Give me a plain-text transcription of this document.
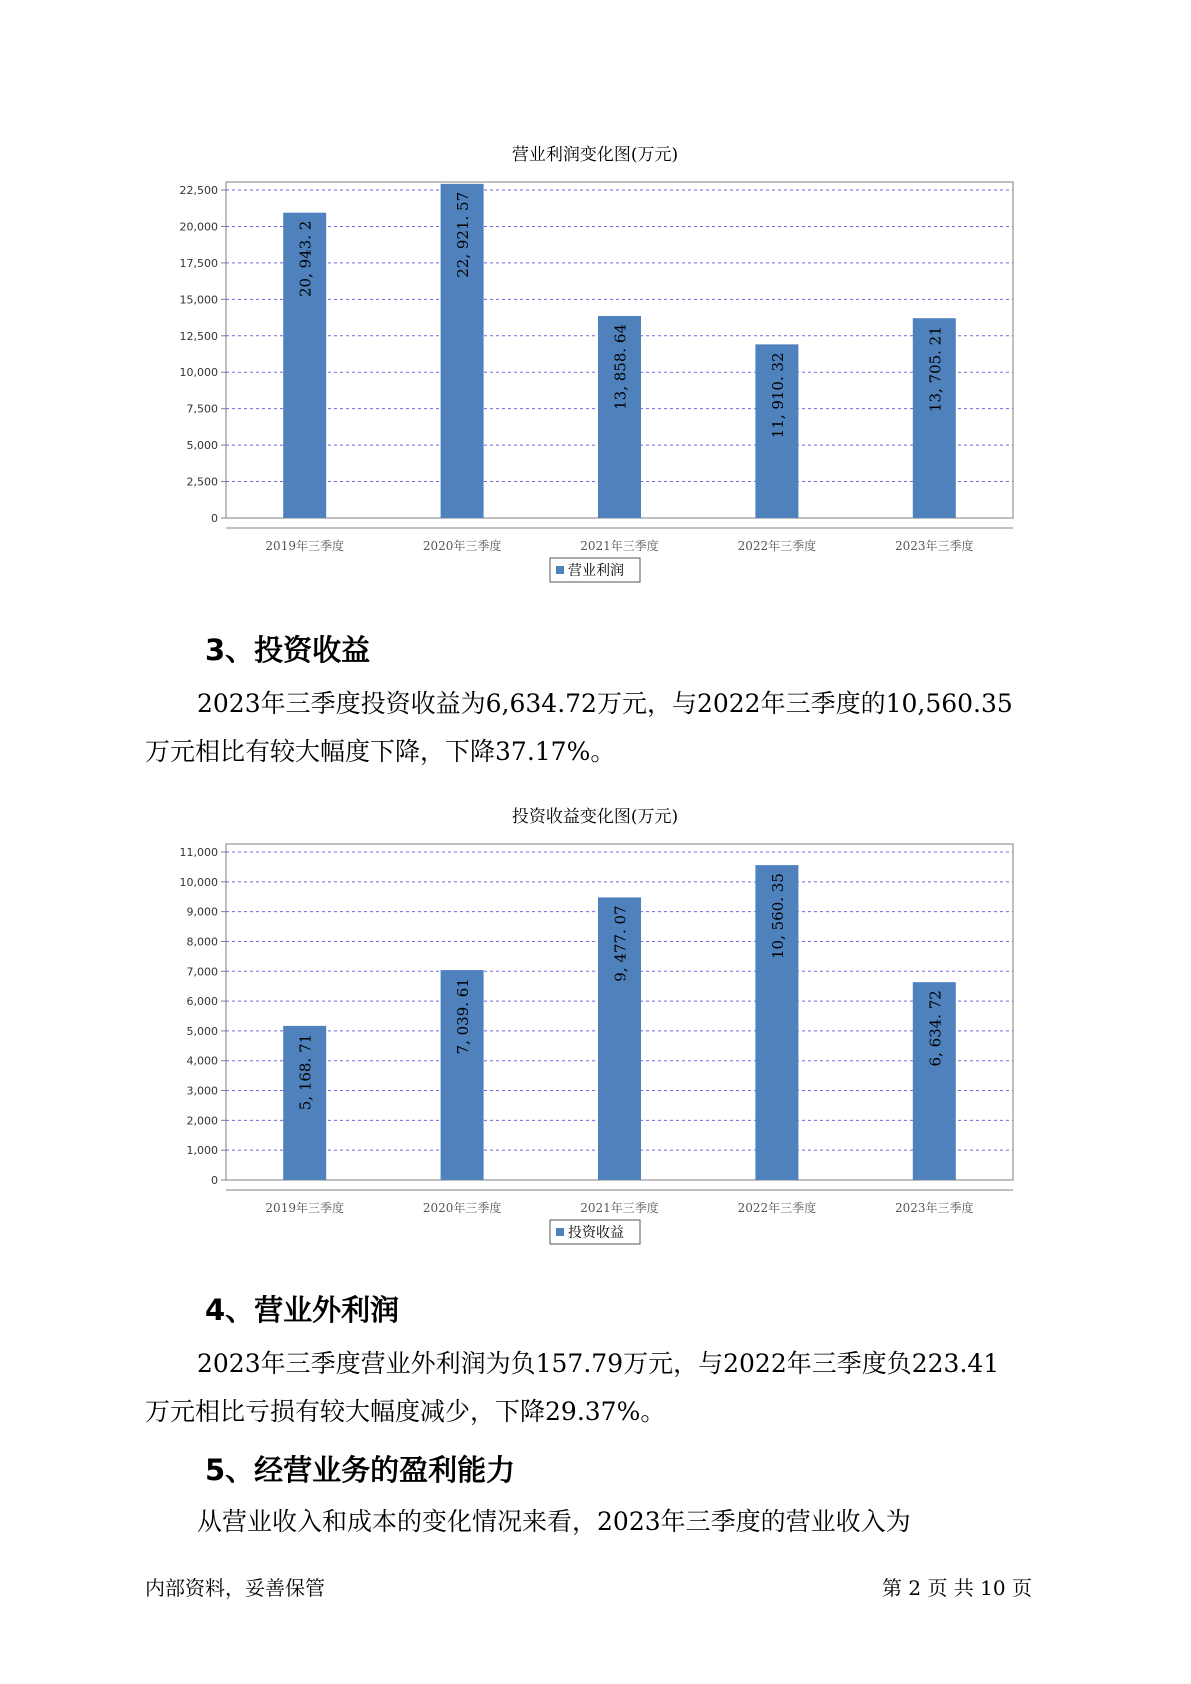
营业利润变化图(万元)
0
2,500
5,000
7,500
10,000
12,500
15,000
17,500
20,000
22,500
20, 943. 2
2019年三季度
22, 921. 57
2020年三季度
13, 858. 64
2021年三季度
11, 910. 32
2022年三季度
13, 705. 21
2023年三季度
营业利润
3、投资收益
2023年三季度投资收益为6,634.72万元，与2022年三季度的10,560.35
万元相比有较大幅度下降，下降37.17%。
投资收益变化图(万元)
0
1,000
2,000
3,000
4,000
5,000
6,000
7,000
8,000
9,000
10,000
11,000
5, 168. 71
2019年三季度
7, 039. 61
2020年三季度
9, 477. 07
2021年三季度
10, 560. 35
2022年三季度
6, 634. 72
2023年三季度
投资收益
4、营业外利润
2023年三季度营业外利润为负157.79万元，与2022年三季度负223.41
万元相比亏损有较大幅度减少，下降29.37%。
5、经营业务的盈利能力
从营业收入和成本的变化情况来看，2023年三季度的营业收入为
内部资料，妥善保管	第 2 页 共 10 页
